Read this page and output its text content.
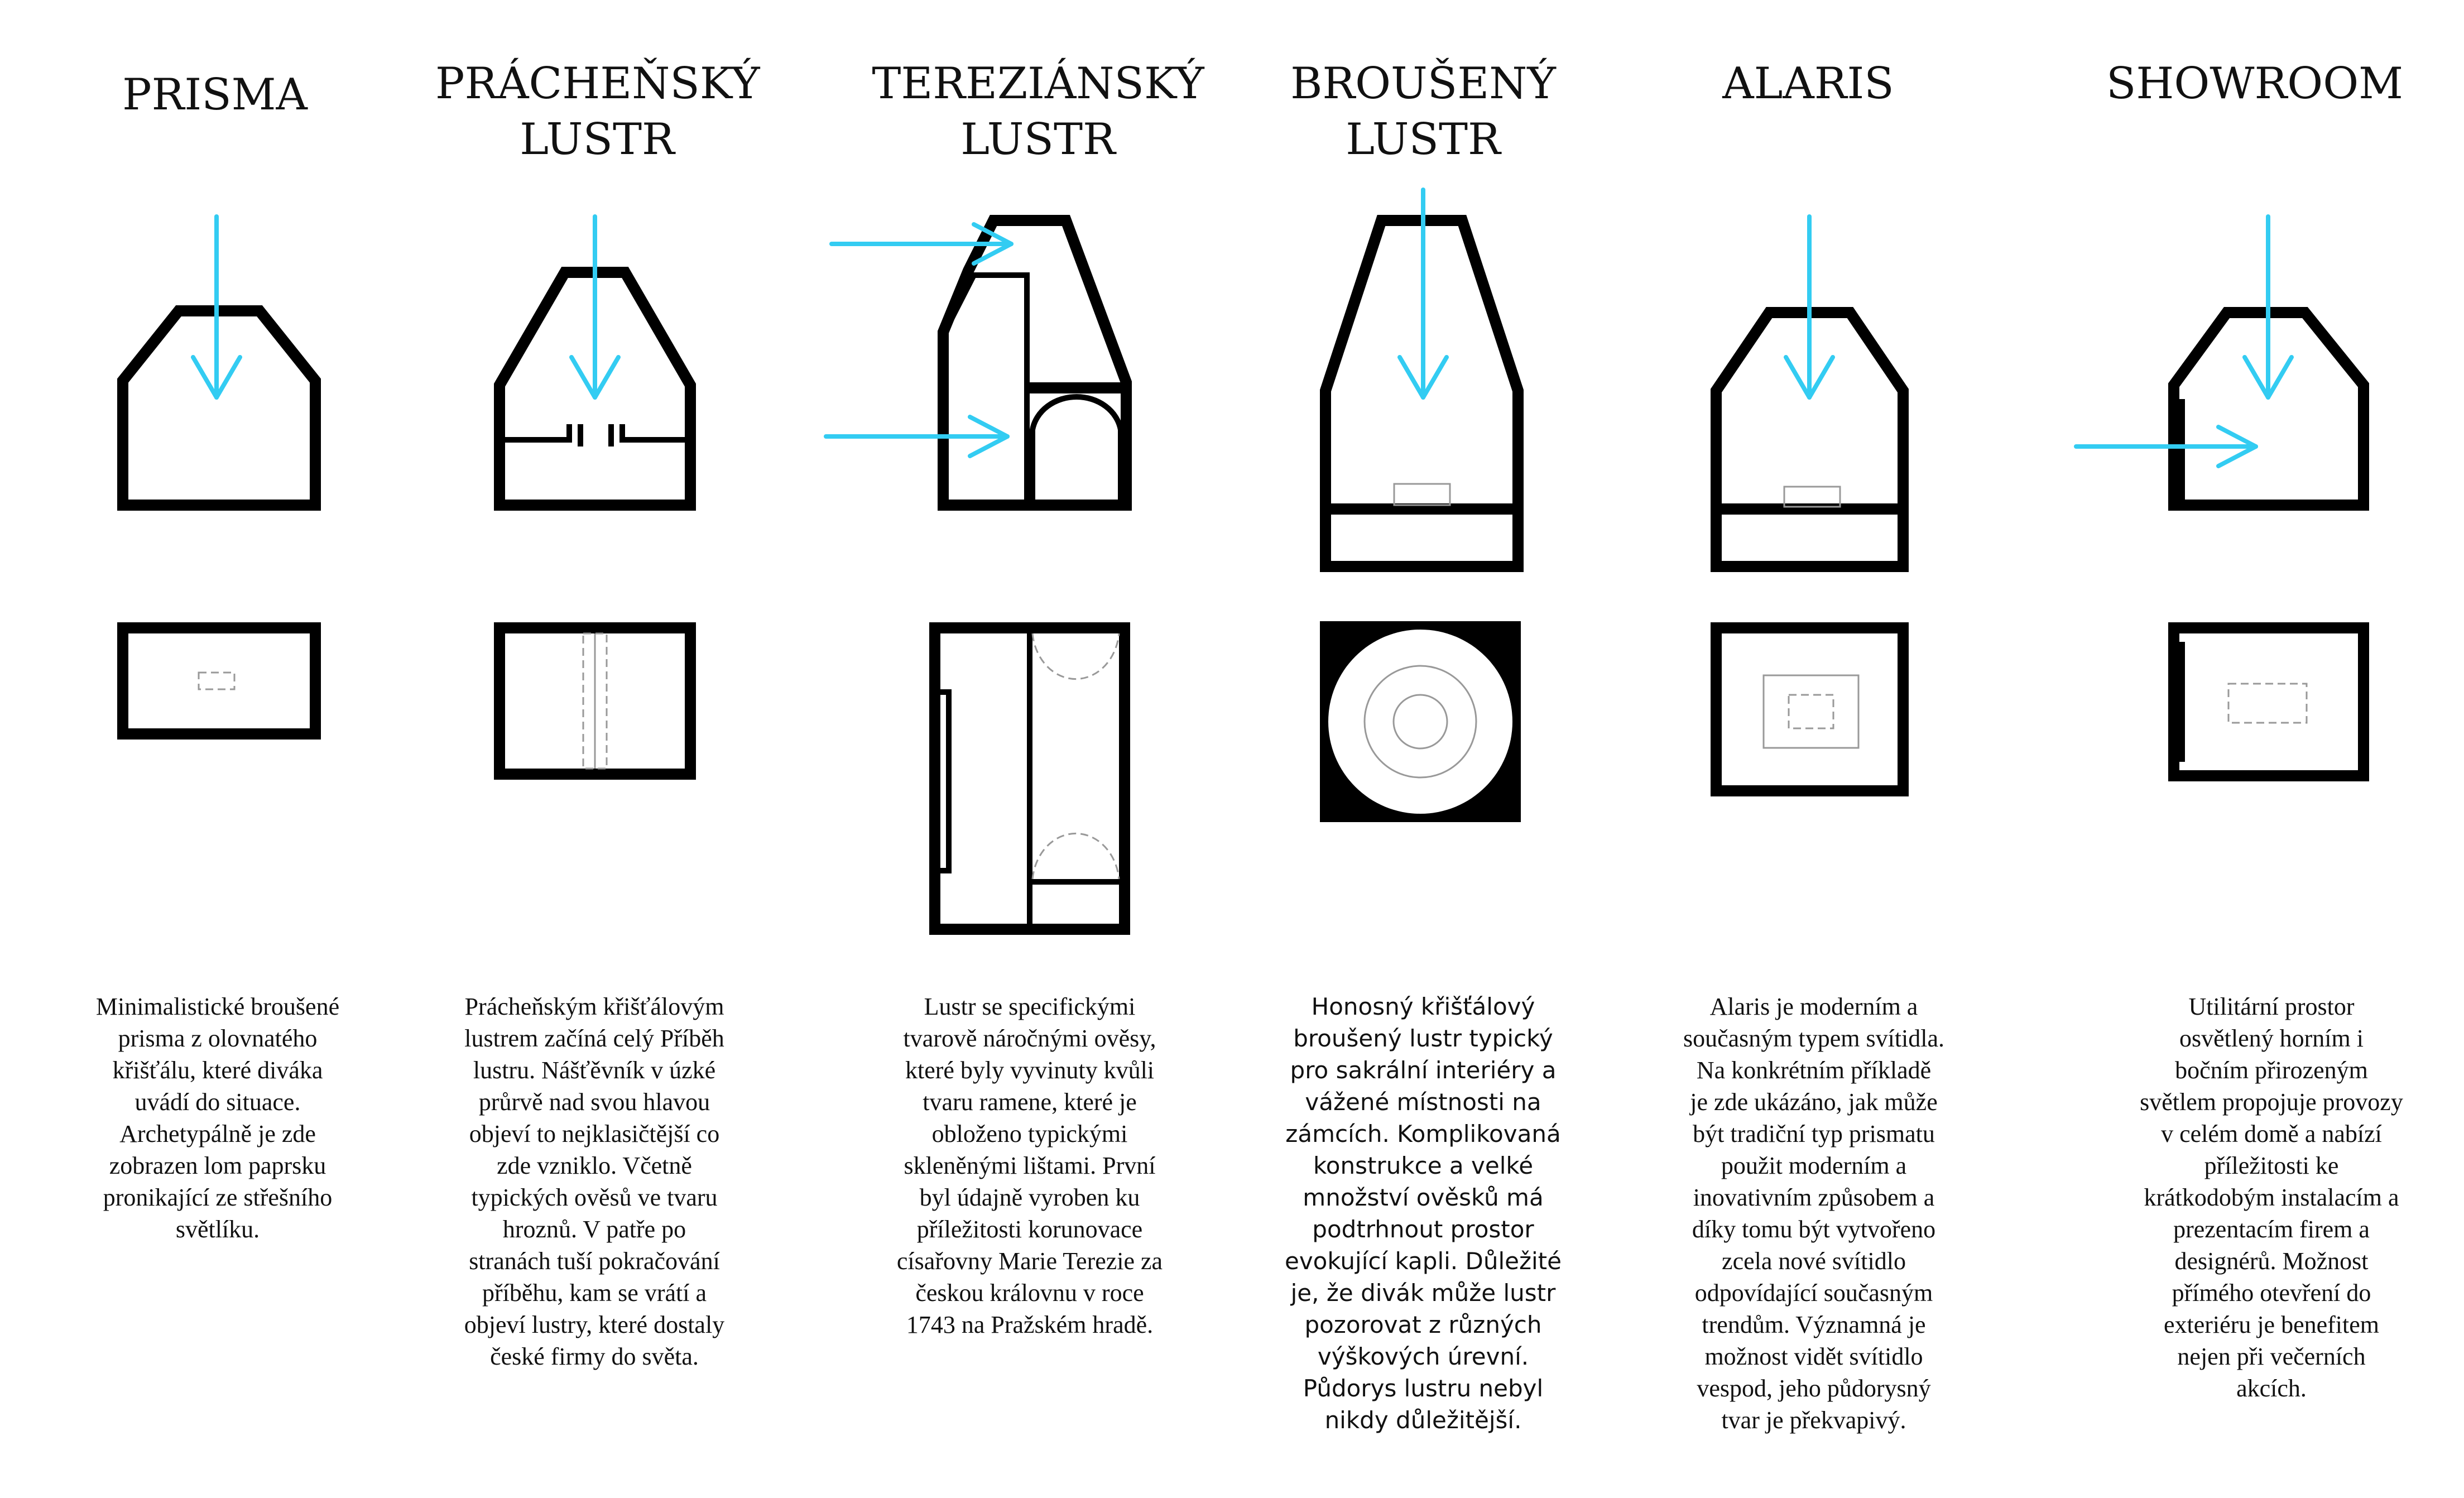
PRISMA	PRÁCHEŇSKÝ
LUSTR
TEREZIÁNSKÝ
LUSTR
BROUŠENÝ
LUSTR
ALARIS	SHOWROOM
Minimalistické broušené
prisma z olovnatého
křišťálu, které diváka
uvádí do situace.
Archetypálně je zde
zobrazen lom paprsku
pronikající ze střešního
světlíku.
Prácheňským křišťálovým
lustrem začíná celý Příběh
lustru. Nášťěvník v úzké
průrvě nad svou hlavou
objeví to nejklasičtější co
zde vzniklo. Včetně
typických ověsů ve tvaru
hroznů. V patře po
stranách tuší pokračování
příběhu, kam se vrátí a
objeví lustry, které dostaly
české firmy do světa.
Lustr se specifickými
tvarově náročnými ověsy,
které byly vyvinuty kvůli
tvaru ramene, které je
obloženo typickými
skleněnými lištami. První
byl údajně vyroben ku
příležitosti korunovace
císařovny Marie Terezie za
českou královnu v roce
1743 na Pražském hradě.
Honosný křišťálový
broušený lustr typický
pro sakrální interiéry a
vážené místnosti na
zámcích. Komplikovaná
konstrukce a velké
množství ověsků má
podtrhnout prostor
evokující kapli. Důležité
je, že divák může lustr
pozorovat z různých
výškových úrevní.
Půdorys lustru nebyl
nikdy důležitější.
Alaris je moderním a
současným typem svítidla.
Na konkrétním příkladě
je zde ukázáno, jak může
být tradiční typ prismatu
použit moderním a
inovativním způsobem a
díky tomu být vytvořeno
zcela nové svítidlo
odpovídající současným
trendům. Významná je
možnost vidět svítidlo
vespod, jeho půdorysný
tvar je překvapivý.
Utilitární prostor
osvětlený horním i
bočním přirozeným
světlem propojuje provozy
v celém domě a nabízí
příležitosti ke
krátkodobým instalacím a
prezentacím firem a
designérů. Možnost
přímého otevření do
exteriéru je benefitem
nejen při večerních
akcích.
